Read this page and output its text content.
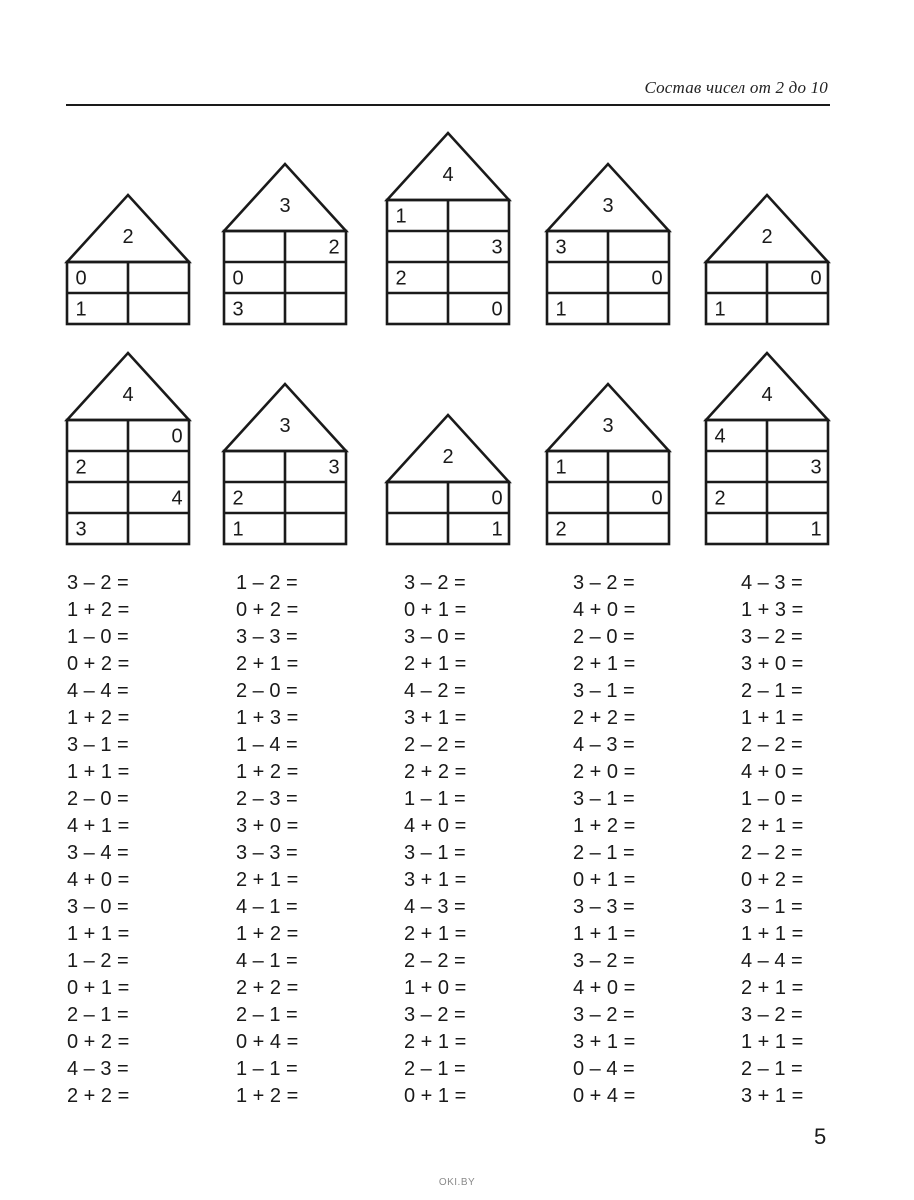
Состав чисел от 2 до 10
2
0
1
3
2
0
3
4
1
3
2
0
3
3
0
1
2
0
1
4
0
2
4
3
3
3
2
1
2
0
1
3
1
0
2
4
4
3
2
1
3 – 2 =
1 + 2 =
1 – 0 =
0 + 2 =
4 – 4 =
1 + 2 =
3 – 1 =
1 + 1 =
2 – 0 =
4 + 1 =
3 – 4 =
4 + 0 =
3 – 0 =
1 + 1 =
1 – 2 =
0 + 1 =
2 – 1 =
0 + 2 =
4 – 3 =
2 + 2 =
1 – 2 =
0 + 2 =
3 – 3 =
2 + 1 =
2 – 0 =
1 + 3 =
1 – 4 =
1 + 2 =
2 – 3 =
3 + 0 =
3 – 3 =
2 + 1 =
4 – 1 =
1 + 2 =
4 – 1 =
2 + 2 =
2 – 1 =
0 + 4 =
1 – 1 =
1 + 2 =
3 – 2 =
0 + 1 =
3 – 0 =
2 + 1 =
4 – 2 =
3 + 1 =
2 – 2 =
2 + 2 =
1 – 1 =
4 + 0 =
3 – 1 =
3 + 1 =
4 – 3 =
2 + 1 =
2 – 2 =
1 + 0 =
3 – 2 =
2 + 1 =
2 – 1 =
0 + 1 =
3 – 2 =
4 + 0 =
2 – 0 =
2 + 1 =
3 – 1 =
2 + 2 =
4 – 3 =
2 + 0 =
3 – 1 =
1 + 2 =
2 – 1 =
0 + 1 =
3 – 3 =
1 + 1 =
3 – 2 =
4 + 0 =
3 – 2 =
3 + 1 =
0 – 4 =
0 + 4 =
4 – 3 =
1 + 3 =
3 – 2 =
3 + 0 =
2 – 1 =
1 + 1 =
2 – 2 =
4 + 0 =
1 – 0 =
2 + 1 =
2 – 2 =
0 + 2 =
3 – 1 =
1 + 1 =
4 – 4 =
2 + 1 =
3 – 2 =
1 + 1 =
2 – 1 =
3 + 1 =
5
OKI.BY
